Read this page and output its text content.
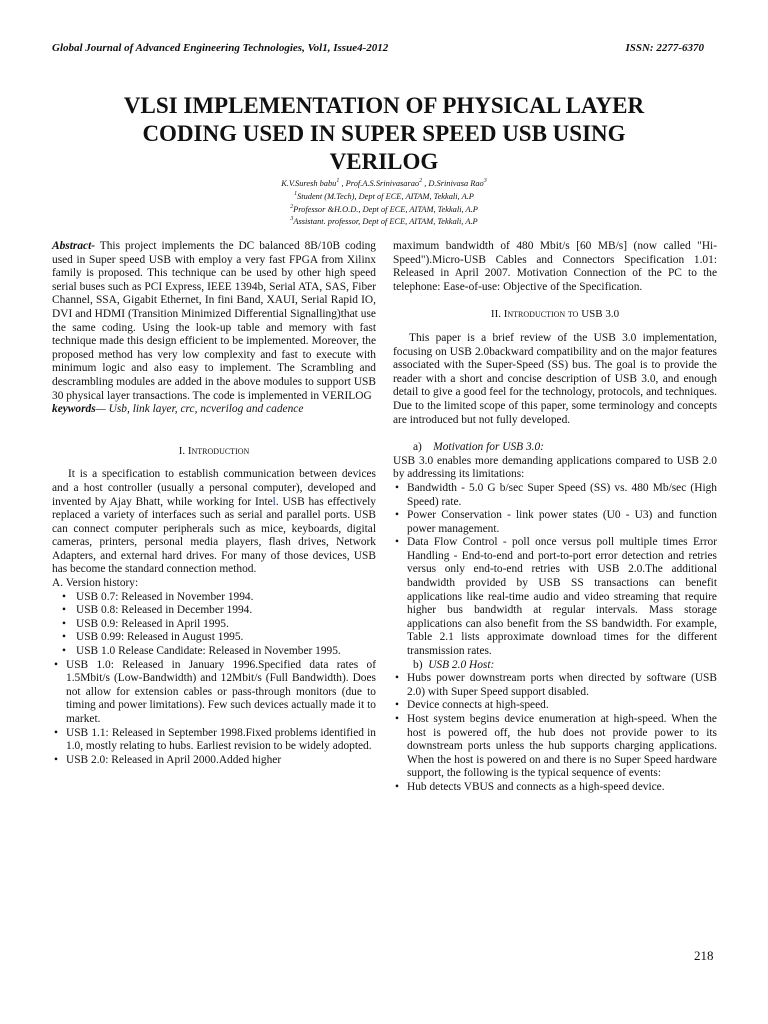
Global Journal of Advanced Engineering Technologies, Vol1, Issue4-2012	ISSN: 2277-6370
VLSI IMPLEMENTATION OF PHYSICAL LAYER
CODING USED IN SUPER SPEED USB USING
VERILOG
K.V.Suresh babu$^1$ , Prof.A.S.Srinivasarao$^2$ , D.Srinivasa Rao$^3$
$^1$Student (M.Tech), Dept of ECE, AITAM, Tekkali, A.P
$^2$Professor &H.O.D., Dept of ECE, AITAM, Tekkali, A.P
$^3$Assistant. professor, Dept of ECE, AITAM, Tekkali, A.P

Abstract- This project implements the DC balanced 8B/10B coding used in Super speed USB with employ a very fast FPGA from Xilinx family is proposed. This technique can be used by other high speed serial buses such as PCI Express, IEEE 1394b, Serial ATA, SAS, Fiber Channel, SSA, Gigabit Ethernet, In fini Band, XAUI, Serial Rapid IO, DVI and HDMI (Transition Minimized Differential Signalling)that use the same coding. Using the look-up table and memory with fast technique made this design efficient to be implemented. Moreover, the proposed method has very low complexity and fast to execute with minimum logic and also easy to implement. The Scrambling and descrambling modules are added in the above modules to support USB 30 physical layer transactions. The code is implemented in VERILOG

keywords— Usb, link layer, crc, ncverilog and cadence

I. Introduction

It is a specification to establish communication between devices and a host controller (usually a personal computer), developed and invented by Ajay Bhatt, while working for Intel. USB has effectively replaced a variety of interfaces such as serial and parallel ports. USB can connect computer peripherals such as mice, keyboards, digital cameras, printers, personal media players, flash drives, Network Adapters, and external hard drives. For many of those devices, USB has become the standard connection method.

A. Version history:

• USB 0.7: Released in November 1994.
• USB 0.8: Released in December 1994.
• USB 0.9: Released in April 1995.
• USB 0.99: Released in August 1995.
• USB 1.0 Release Candidate: Released in November 1995.
• USB 1.0: Released in January 1996.Specified data rates of 1.5Mbit/s (Low-Bandwidth) and 12Mbit/s (Full Bandwidth). Does not allow for extension cables or pass-through monitors (due to timing and power limitations). Few such devices actually made it to market.
• USB 1.1: Released in September 1998.Fixed problems identified in 1.0, mostly relating to hubs. Earliest revision to be widely adopted.
• USB 2.0: Released in April 2000.Added higher

maximum bandwidth of 480 Mbit/s [60 MB/s] (now called "Hi-Speed").Micro-USB Cables and Connectors Specification 1.01: Released in April 2007. Motivation Connection of the PC to the telephone: Ease-of-use: Objective of the Specification.

II. Introduction to USB 3.0

This paper is a brief review of the USB 3.0 implementation, focusing on USB 2.0backward compatibility and on the major features associated with the Super-Speed (SS) bus. The goal is to provide the reader with a short and concise description of USB 3.0, and enough detail to give a good feel for the technology, protocols, and techniques. Due to the limited scope of this paper, some terminology and concepts are introduced but not fully developed.

a) Motivation for USB 3.0:

USB 3.0 enables more demanding applications compared to USB 2.0 by addressing its limitations:

• Bandwidth - 5.0 G b/sec Super Speed (SS) vs. 480 Mb/sec (High Speed) rate.
• Power Conservation - link power states (U0 - U3) and function power management.
• Data Flow Control - poll once versus poll multiple times Error Handling - End-to-end and port-to-port error detection and retries versus only end-to-end retries with USB 2.0.The additional bandwidth provided by USB SS transactions can benefit applications like real-time audio and video streaming that require higher bus bandwidth at regular intervals. Mass storage applications can also benefit from the SS bandwidth. For example, Table 2.1 lists approximate download times for the different transmission rates.

b) USB 2.0 Host:

• Hubs power downstream ports when directed by software (USB 2.0) with Super Speed support disabled.
• Device connects at high-speed.
• Host system begins device enumeration at high-speed. When the host is powered off, the hub does not provide power to its downstream ports unless the hub supports charging applications. When the host is powered on and there is no Super Speed hardware support, the following is the typical sequence of events:
• Hub detects VBUS and connects as a high-speed device.
218
